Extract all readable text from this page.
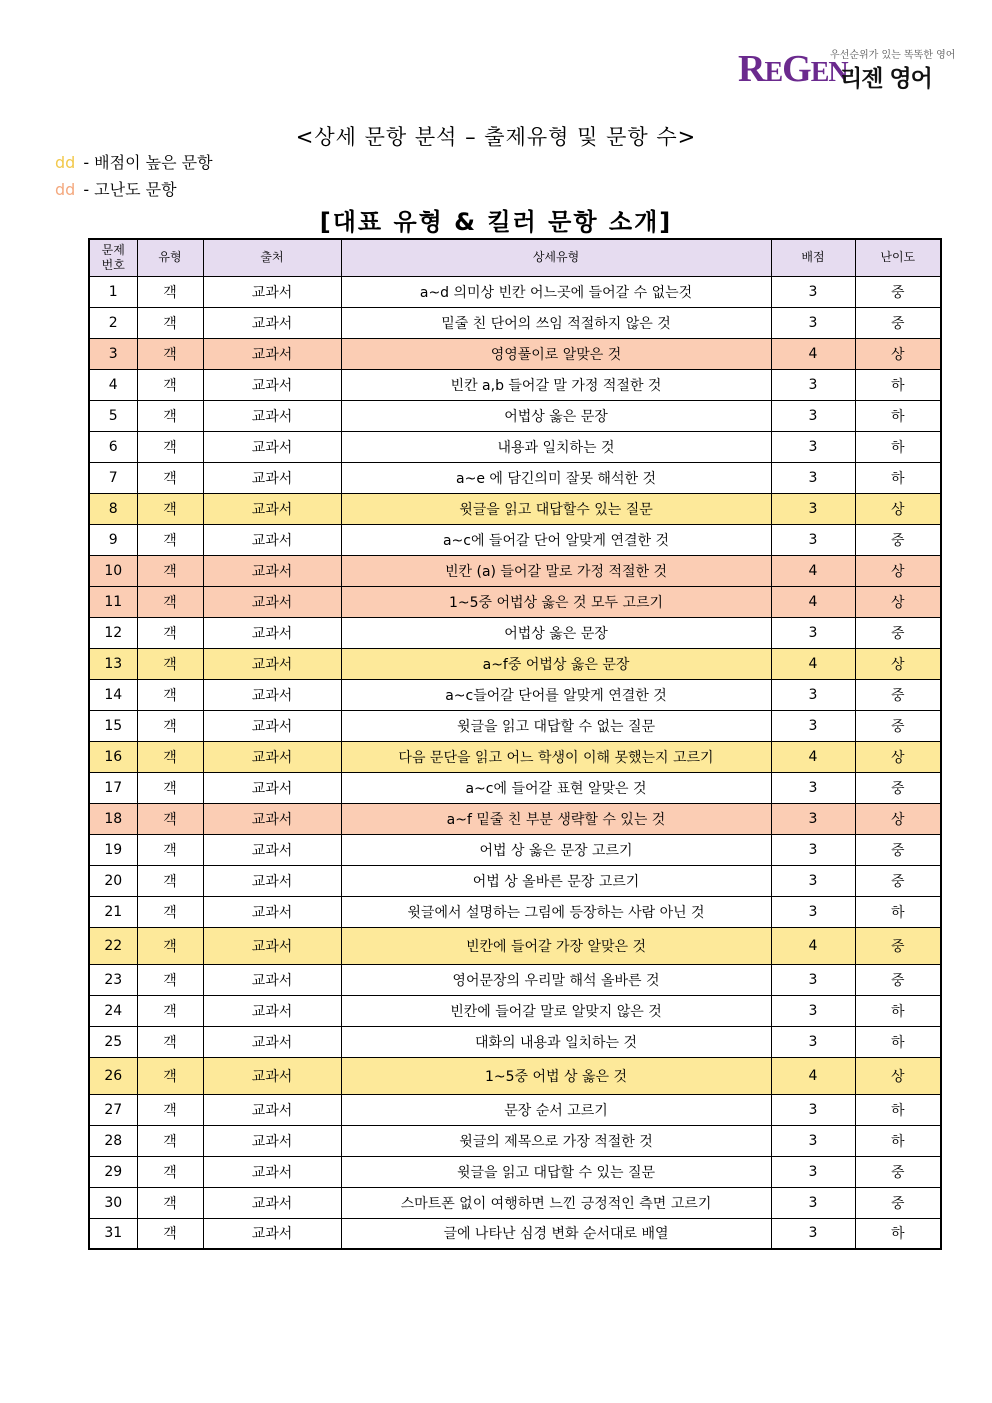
REGEN
우선순위가 있는 똑똑한 영어
리젠 영어
<상세 문항 분석 – 출제유형 및 문항 수>
dd - 배점이 높은 문항
dd - 고난도 문항
[대표 유형 & 킬러 문항 소개]
문제
번호	유형	출처	상세유형	배점	난이도
1	객	교과서	a~d 의미상 빈칸 어느곳에 들어갈 수 없는것	3	중
2	객	교과서	밑줄 친 단어의 쓰임 적절하지 않은 것	3	중
3	객	교과서	영영풀이로 알맞은 것	4	상
4	객	교과서	빈칸 a,b 들어갈 말 가정 적절한 것	3	하
5	객	교과서	어법상 옳은 문장	3	하
6	객	교과서	내용과 일치하는 것	3	하
7	객	교과서	a~e 에 담긴의미 잘못 해석한 것	3	하
8	객	교과서	윗글을 읽고 대답할수 있는 질문	3	상
9	객	교과서	a~c에 들어갈 단어 알맞게 연결한 것	3	중
10	객	교과서	빈칸 (a) 들어갈 말로 가정 적절한 것	4	상
11	객	교과서	1~5중 어법상 옳은 것 모두 고르기	4	상
12	객	교과서	어법상 옳은 문장	3	중
13	객	교과서	a~f중 어법상 옳은 문장	4	상
14	객	교과서	a~c들어갈 단어를 알맞게 연결한 것	3	중
15	객	교과서	윗글을 읽고 대답할 수 없는 질문	3	중
16	객	교과서	다음 문단을 읽고 어느 학생이 이해 못했는지 고르기	4	상
17	객	교과서	a~c에 들어갈 표현 알맞은 것	3	중
18	객	교과서	a~f 밑줄 친 부분 생략할 수 있는 것	3	상
19	객	교과서	어법 상 옳은 문장 고르기	3	중
20	객	교과서	어법 상 올바른 문장 고르기	3	중
21	객	교과서	윗글에서 설명하는 그림에 등장하는 사람 아닌 것	3	하
22	객	교과서	빈칸에 들어갈 가장 알맞은 것	4	중
23	객	교과서	영어문장의 우리말 해석 올바른 것	3	중
24	객	교과서	빈칸에 들어갈 말로 알맞지 않은 것	3	하
25	객	교과서	대화의 내용과 일치하는 것	3	하
26	객	교과서	1~5중 어법 상 옳은 것	4	상
27	객	교과서	문장 순서 고르기	3	하
28	객	교과서	윗글의 제목으로 가장 적절한 것	3	하
29	객	교과서	윗글을 읽고 대답할 수 있는 질문	3	중
30	객	교과서	스마트폰 없이 여행하면 느낀 긍정적인 측면 고르기	3	중
31	객	교과서	글에 나타난 심경 변화 순서대로 배열	3	하
